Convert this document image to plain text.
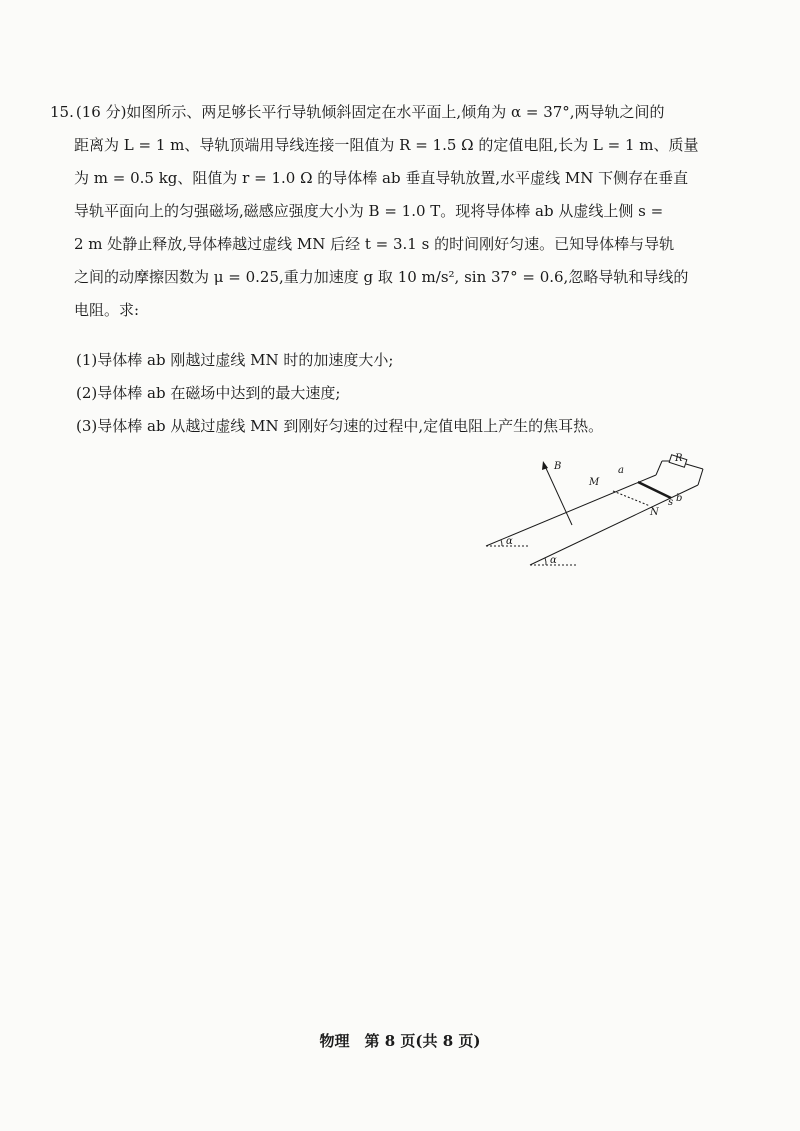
15. (16 分)如图所示、两足够长平行导轨倾斜固定在水平面上,倾角为 α = 37°,两导轨之间的
距离为 L = 1 m、导轨顶端用导线连接一阻值为 R = 1.5 Ω 的定值电阻,长为 L = 1 m、质量
为 m = 0.5 kg、阻值为 r = 1.0 Ω 的导体棒 ab 垂直导轨放置,水平虚线 MN 下侧存在垂直
导轨平面向上的匀强磁场,磁感应强度大小为 B = 1.0 T。现将导体棒 ab 从虚线上侧 s =
2 m 处静止释放,导体棒越过虚线 MN 后经 t = 3.1 s 的时间刚好匀速。已知导体棒与导轨
之间的动摩擦因数为 μ = 0.25,重力加速度 g 取 10 m/s², sin 37° = 0.6,忽略导轨和导线的
电阻。求:
(1)导体棒 ab 刚越过虚线 MN 时的加速度大小;
(2)导体棒 ab 在磁场中达到的最大速度;
(3)导体棒 ab 从越过虚线 MN 到刚好匀速的过程中,定值电阻上产生的焦耳热。
B
R
M
a
N
s b
α
α
物理　第 8 页(共 8 页)
